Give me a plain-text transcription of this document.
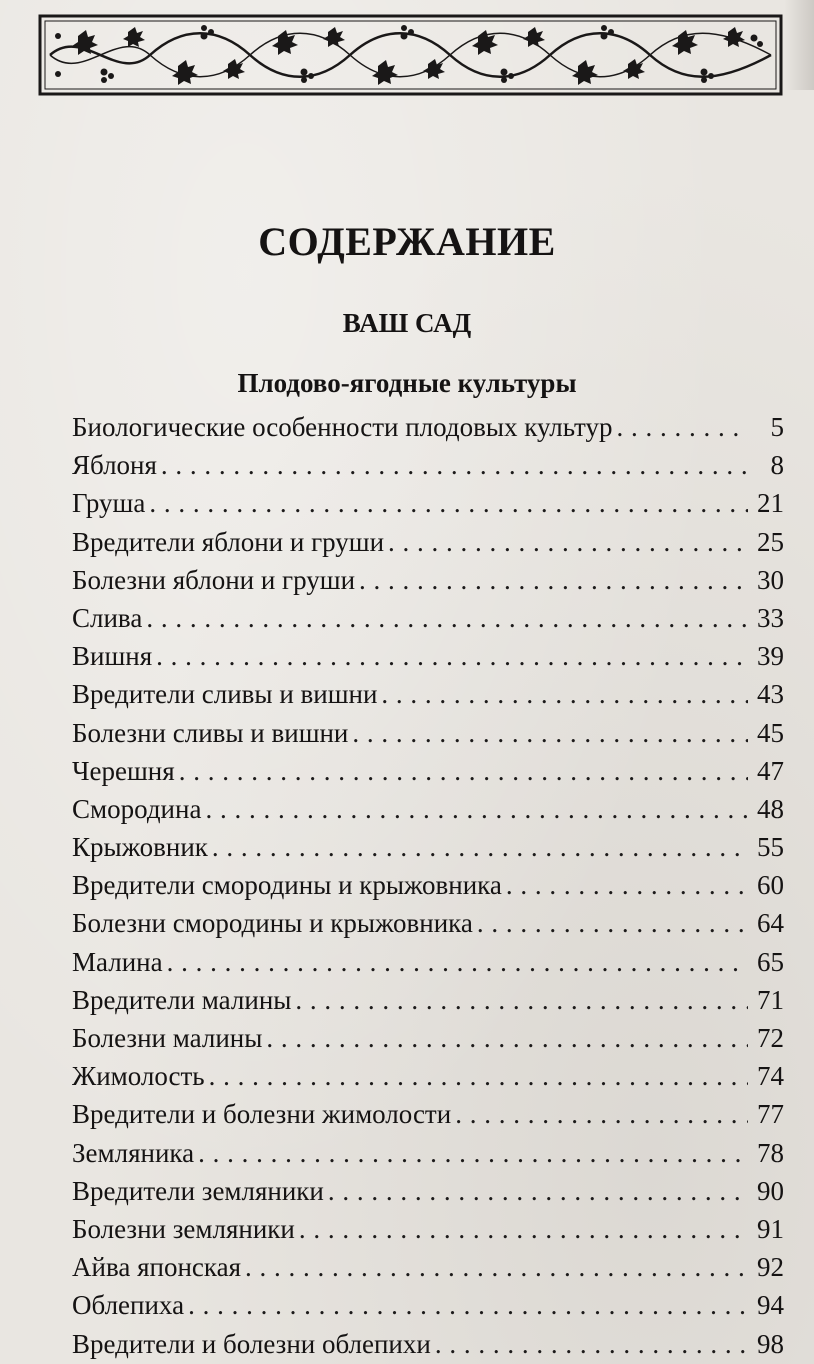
СОДЕРЖАНИЕ
ВАШ САД
Плодово-ягодные культуры
Биологические особенности плодовых культур . . .	5
Яблоня . . .	8
Груша . . .	21
Вредители яблони и груши . . .	25
Болезни яблони и груши . . .	30
Слива . . .	33
Вишня . . .	39
Вредители сливы и вишни . . .	43
Болезни сливы и вишни . . .	45
Черешня . . .	47
Смородина . . .	48
Крыжовник . . .	55
Вредители смородины и крыжовника . . .	60
Болезни смородины и крыжовника . . .	64
Малина . . .	65
Вредители малины . . .	71
Болезни малины . . .	72
Жимолость . . .	74
Вредители и болезни жимолости . . .	77
Земляника . . .	78
Вредители земляники . . .	90
Болезни земляники . . .	91
Айва японская . . .	92
Облепиха . . .	94
Вредители и болезни облепихи . . .	98
